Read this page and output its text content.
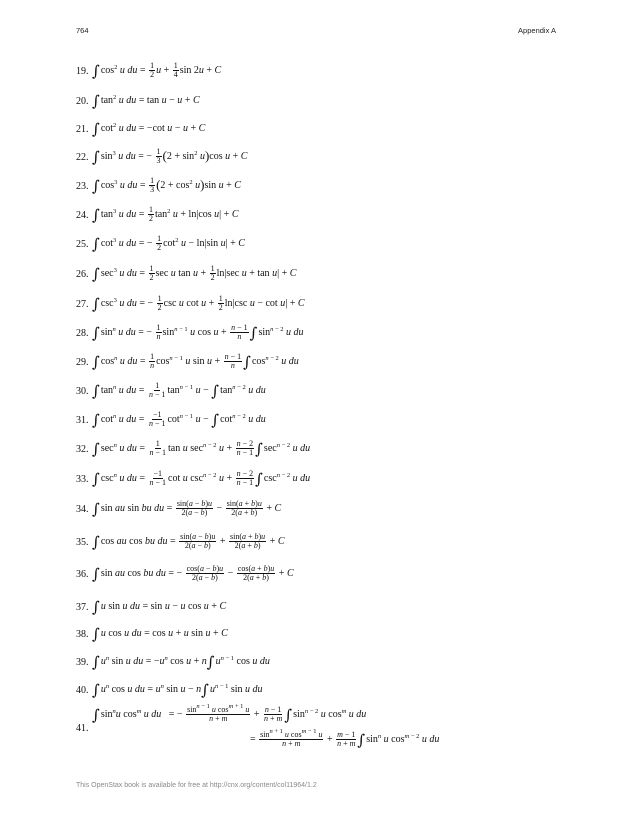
764	Appendix A
19. $\int\cos^2$ u du = $\frac{1}{2}$ $u + \frac{1}{4}$ sin 2u + C
20. $\int\tan^2$ u du = tan u − u + C
21. $\int\cot^2$ u du = −cot u − u + C
22. $\int\sin^3$ u du = − $\frac{1}{3} (2 + \sin^2 u)\cos$ u + C
23. $\int\cos^3$ u du = $\frac{1}{3} (2 + \cos^2 u)\sin$ u + C
24. $\int\tan^3$ u du = $\frac{1}{2} \tan^2 u + \ln|\cos$ u| + C
25. $\int\cot^3$ u du = − $\frac{1}{2} \cot^2 u - \ln|\sin$ u| + C
26. $\int\sec^3$ u du = $\frac{1}{2}$ sec u $\tan u + \frac{1}{2} \ln|\sec$ u + tan u| + C
27. $\int\csc^3$ u du = − $\frac{1}{2}$ csc u $\cot u + \frac{1}{2} \ln|\csc$ u − cot u| + C
28. $\int\sin^n$ u du = − $\frac{1}{n} \sin^{n - 1} u$ $\cos u + \frac{n - 1}{n} \int\sin^{n - 2}$ u du
29. $\int\cos^n$ u du = $\frac{1}{n} \cos^{n - 1} u$ $\sin u + \frac{n - 1}{n} \int\cos^{n - 2}$ u du
30. $\int\tan^n$ u du = $\frac{1}{n - 1} \tan^{n - 1} u - \int\tan^{n - 2}$ u du
31. $\int\cot^n$ u du = $\frac{-1}{n - 1} \cot^{n - 1} u - \int\cot^{n - 2}$ u du
32. $\int\sec^n$ u du = $\frac{1}{n - 1}$ tan u $\sec^{n - 2} u + \frac{n - 2}{n - 1} \int\sec^{n - 2}$ u du
33. $\int\csc^n$ u du = $\frac{-1}{n - 1}$ cot u $\csc^{n - 2} u + \frac{n - 2}{n - 1} \int\csc^{n - 2}$ u du
34. ∫sin au sin bu du = $\frac{\sin(a - b)u}{2(a - b)} - \frac{\sin(a + b)u}{2(a + b)} + C$
35. ∫cos au cos bu du = $\frac{\sin(a - b)u}{2(a - b)} + \frac{\sin(a + b)u}{2(a + b)} + C$
36. ∫sin au cos bu du = − $\frac{\cos(a - b)u}{2(a - b)} - \frac{\cos(a + b)u}{2(a + b)} + C$
37. ∫u sin u du = sin u − u cos u + C
38. ∫u cos u du = cos u + u sin u + C
39. $\int u^n$ sin u du = $-u^n$ $\cos u + n\int u^{n - 1}$ cos u du
40. $\int u^n$ cos u du = $u^n$ $\sin u - n\int u^{n - 1}$ sin u du
41.
$\int\sin^nu$ $\cos^m u$ du   = − $\frac{\sin^{n - 1} u \cos^{m + 1} u}{n + m} + \frac{n - 1}{n + m} \int\sin^{n - 2}$ u $\cos^m u$ du
= $\frac{\sin^{n + 1} u \cos^{m - 1} u}{n + m} + \frac{m - 1}{n + m} \int\sin^n$ u $\cos^{m - 2} u$ du
This OpenStax book is available for free at http://cnx.org/content/col11964/1.2
